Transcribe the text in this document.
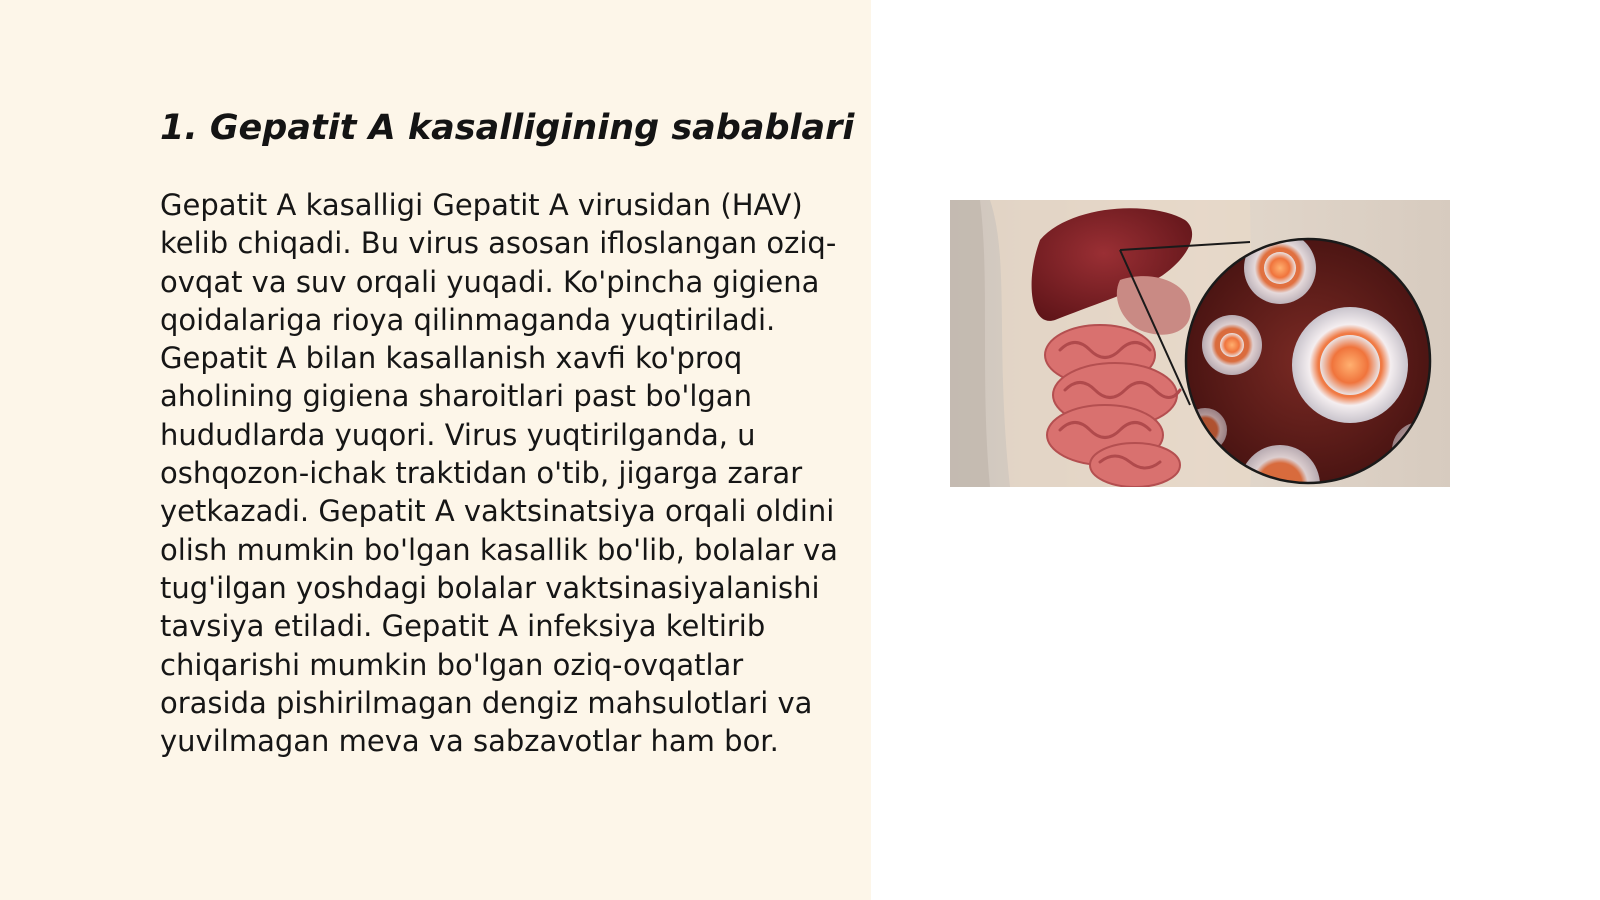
1. Gepatit A kasalligining sabablari

Gepatit A kasalligi Gepatit A virusidan (HAV) kelib chiqadi. Bu virus asosan ifloslangan oziq-ovqat va suv orqali yuqadi. Ko'pincha gigiena qoidalariga rioya qilinmaganda yuqtiriladi. Gepatit A bilan kasallanish xavfi ko'proq aholining gigiena sharoitlari past bo'lgan hududlarda yuqori. Virus yuqtirilganda, u oshqozon-ichak traktidan o'tib, jigarga zarar yetkazadi. Gepatit A vaktsinatsiya orqali oldini olish mumkin bo'lgan kasallik bo'lib, bolalar va tug'ilgan yoshdagi bolalar vaktsinasiyalanishi tavsiya etiladi. Gepatit A infeksiya keltirib chiqarishi mumkin bo'lgan oziq-ovqatlar orasida pishirilmagan dengiz mahsulotlari va yuvilmagan meva va sabzavotlar ham bor.
